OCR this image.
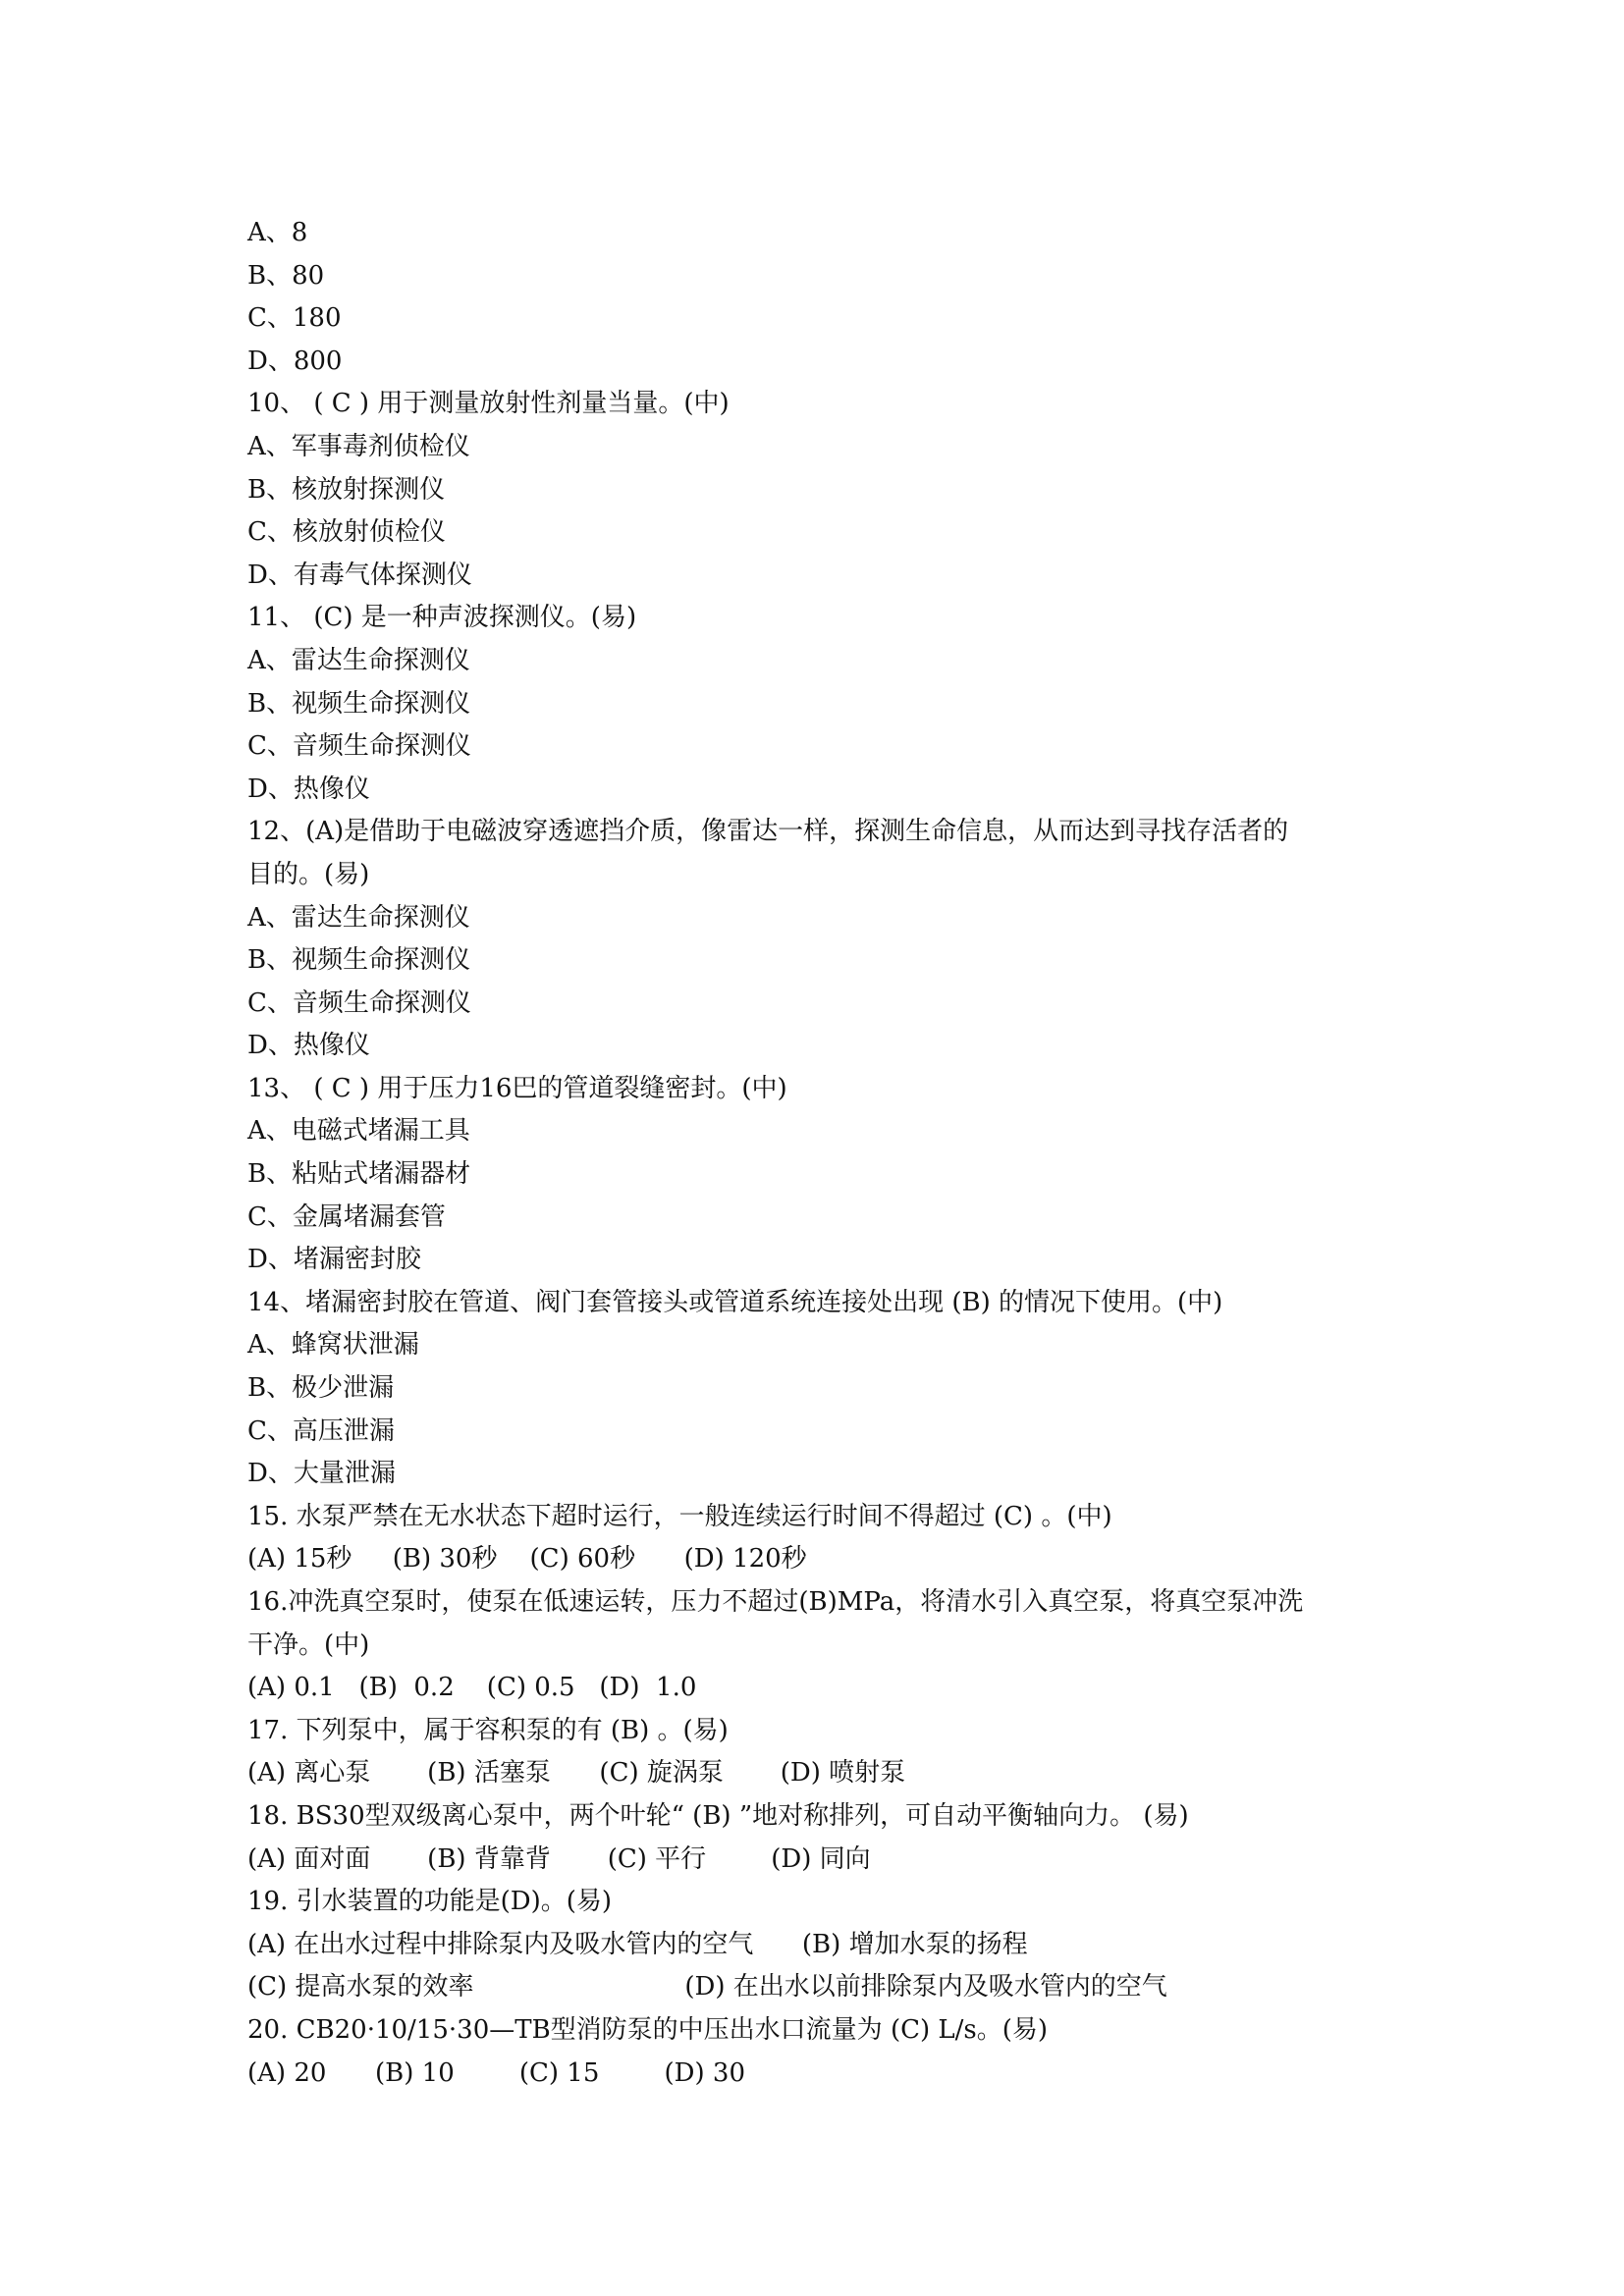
A、8
B、80
C、180
D、800
10、 ( C ) 用于测量放射性剂量当量。(中)
A、军事毒剂侦检仪
B、核放射探测仪
C、核放射侦检仪
D、有毒气体探测仪
11、 (C) 是一种声波探测仪。(易)
A、雷达生命探测仪
B、视频生命探测仪
C、音频生命探测仪
D、热像仪
12、(A)是借助于电磁波穿透遮挡介质，像雷达一样，探测生命信息，从而达到寻找存活者的
目的。(易)
A、雷达生命探测仪
B、视频生命探测仪
C、音频生命探测仪
D、热像仪
13、 ( C ) 用于压力16巴的管道裂缝密封。(中)
A、电磁式堵漏工具
B、粘贴式堵漏器材
C、金属堵漏套管
D、堵漏密封胶
14、堵漏密封胶在管道、阀门套管接头或管道系统连接处出现 (B) 的情况下使用。(中)
A、蜂窝状泄漏
B、极少泄漏
C、高压泄漏
D、大量泄漏
15. 水泵严禁在无水状态下超时运行，一般连续运行时间不得超过 (C) 。(中)
(A) 15秒     (B) 30秒    (C) 60秒      (D) 120秒
16.冲洗真空泵时，使泵在低速运转，压力不超过(B)MPa，将清水引入真空泵，将真空泵冲洗
干净。(中)
(A) 0.1   (B)  0.2    (C) 0.5   (D)  1.0
17. 下列泵中，属于容积泵的有 (B) 。(易)
(A) 离心泵       (B) 活塞泵      (C) 旋涡泵       (D) 喷射泵
18. BS30型双级离心泵中，两个叶轮“ (B) ”地对称排列，可自动平衡轴向力。 (易)
(A) 面对面       (B) 背靠背       (C) 平行        (D) 同向
19. 引水装置的功能是(D)。(易)
(A) 在出水过程中排除泵内及吸水管内的空气      (B) 增加水泵的扬程
(C) 提高水泵的效率                          (D) 在出水以前排除泵内及吸水管内的空气
20. CB20·10/15·30—TB型消防泵的中压出水口流量为 (C) L/s。(易)
(A) 20      (B) 10        (C) 15        (D) 30
